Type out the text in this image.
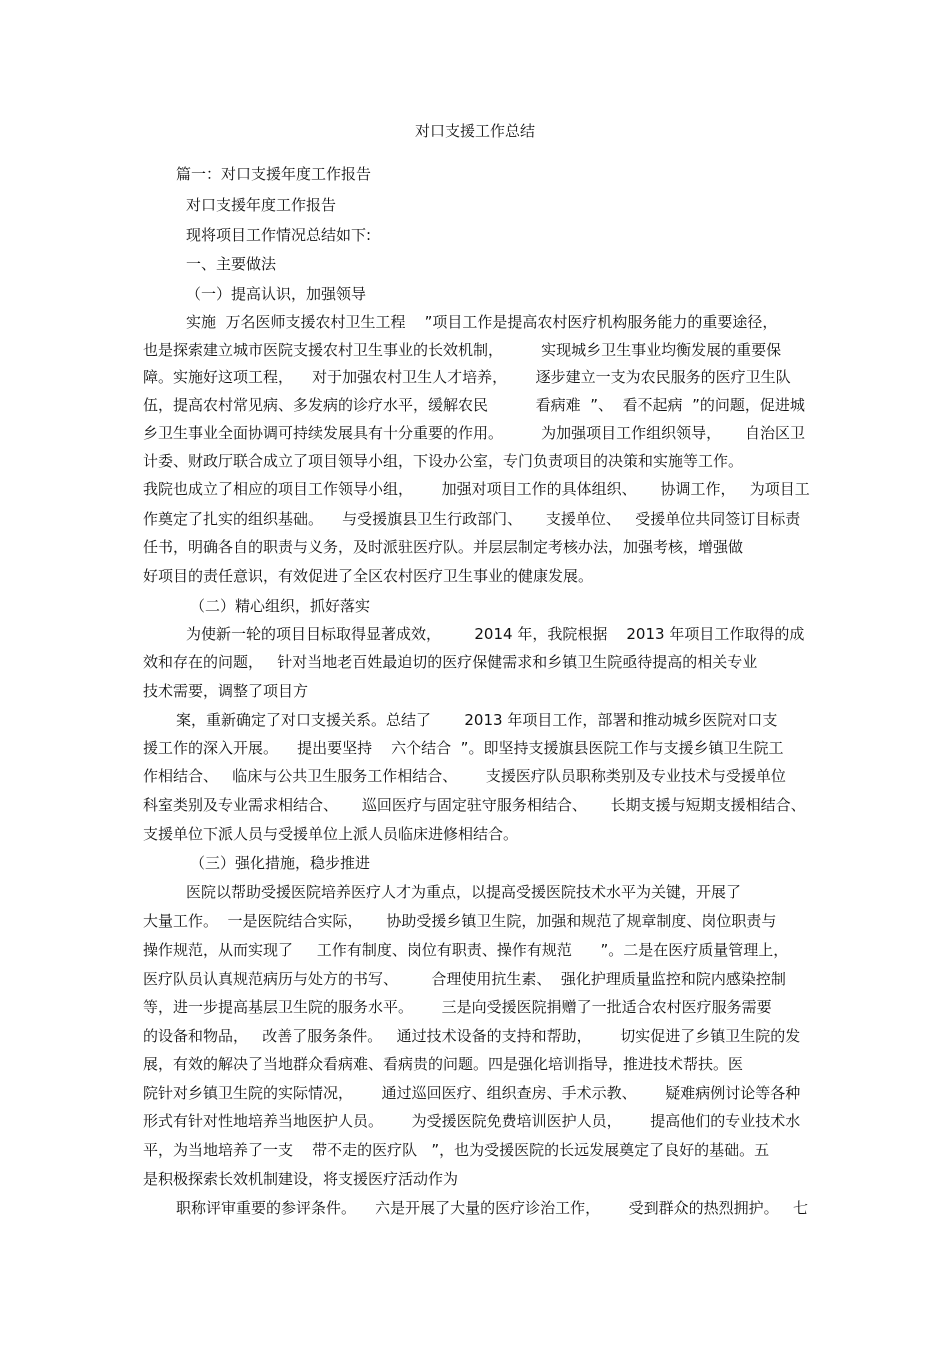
对口支援工作总结
篇一：对口支援年度工作报告
对口支援年度工作报告
现将项目工作情况总结如下:
一、主要做法
（一）提高认识，加强领导
实施  万名医师支援农村卫生工程    ”项目工作是提高农村医疗机构服务能力的重要途径，
也是探索建立城市医院支援农村卫生事业的长效机制，        实现城乡卫生事业均衡发展的重要保
障。实施好这项工程，    对于加强农村卫生人才培养，      逐步建立一支为农民服务的医疗卫生队
伍，提高农村常见病、多发病的诊疗水平，缓解农民          看病难  ”、  看不起病  ”的问题，促进城
乡卫生事业全面协调可持续发展具有十分重要的作用。        为加强项目工作组织领导，     自治区卫
计委、财政厅联合成立了项目领导小组，下设办公室，专门负责项目的决策和实施等工作。
我院也成立了相应的项目工作领导小组，      加强对项目工作的具体组织、     协调工作，   为项目工
作奠定了扎实的组织基础。    与受援旗县卫生行政部门、     支援单位、   受援单位共同签订目标责
任书，明确各自的职责与义务，及时派驻医疗队。并层层制定考核办法，加强考核，增强做
好项目的责任意识，有效促进了全区农村医疗卫生事业的健康发展。
（二）精心组织，抓好落实
为使新一轮的项目目标取得显著成效，       2014 年，我院根据    2013 年项目工作取得的成
效和存在的问题，   针对当地老百姓最迫切的医疗保健需求和乡镇卫生院亟待提高的相关专业
技术需要，调整了项目方
案，重新确定了对口支援关系。总结了       2013 年项目工作，部署和推动城乡医院对口支
援工作的深入开展。    提出要坚持    六个结合  ”。即坚持支援旗县医院工作与支援乡镇卫生院工
作相结合、   临床与公共卫生服务工作相结合、      支援医疗队员职称类别及专业技术与受援单位
科室类别及专业需求相结合、     巡回医疗与固定驻守服务相结合、     长期支援与短期支援相结合、
支援单位下派人员与受援单位上派人员临床进修相结合。
（三）强化措施，稳步推进
医院以帮助受援医院培养医疗人才为重点，以提高受援医院技术水平为关键，开展了
大量工作。  一是医院结合实际，     协助受援乡镇卫生院，加强和规范了规章制度、岗位职责与
操作规范，从而实现了     工作有制度、岗位有职责、操作有规范      ”。二是在医疗质量管理上，
医疗队员认真规范病历与处方的书写、       合理使用抗生素、  强化护理质量监控和院内感染控制
等，进一步提高基层卫生院的服务水平。      三是向受援医院捐赠了一批适合农村医疗服务需要
的设备和物品，   改善了服务条件。   通过技术设备的支持和帮助，      切实促进了乡镇卫生院的发
展，有效的解决了当地群众看病难、看病贵的问题。四是强化培训指导，推进技术帮扶。医
院针对乡镇卫生院的实际情况，      通过巡回医疗、组织查房、手术示教、      疑难病例讨论等各种
形式有针对性地培养当地医护人员。      为受援医院免费培训医护人员，      提高他们的专业技术水
平，为当地培养了一支    带不走的医疗队   ”，也为受援医院的长远发展奠定了良好的基础。五
是积极探索长效机制建设，将支援医疗活动作为
职称评审重要的参评条件。    六是开展了大量的医疗诊治工作，      受到群众的热烈拥护。   七
